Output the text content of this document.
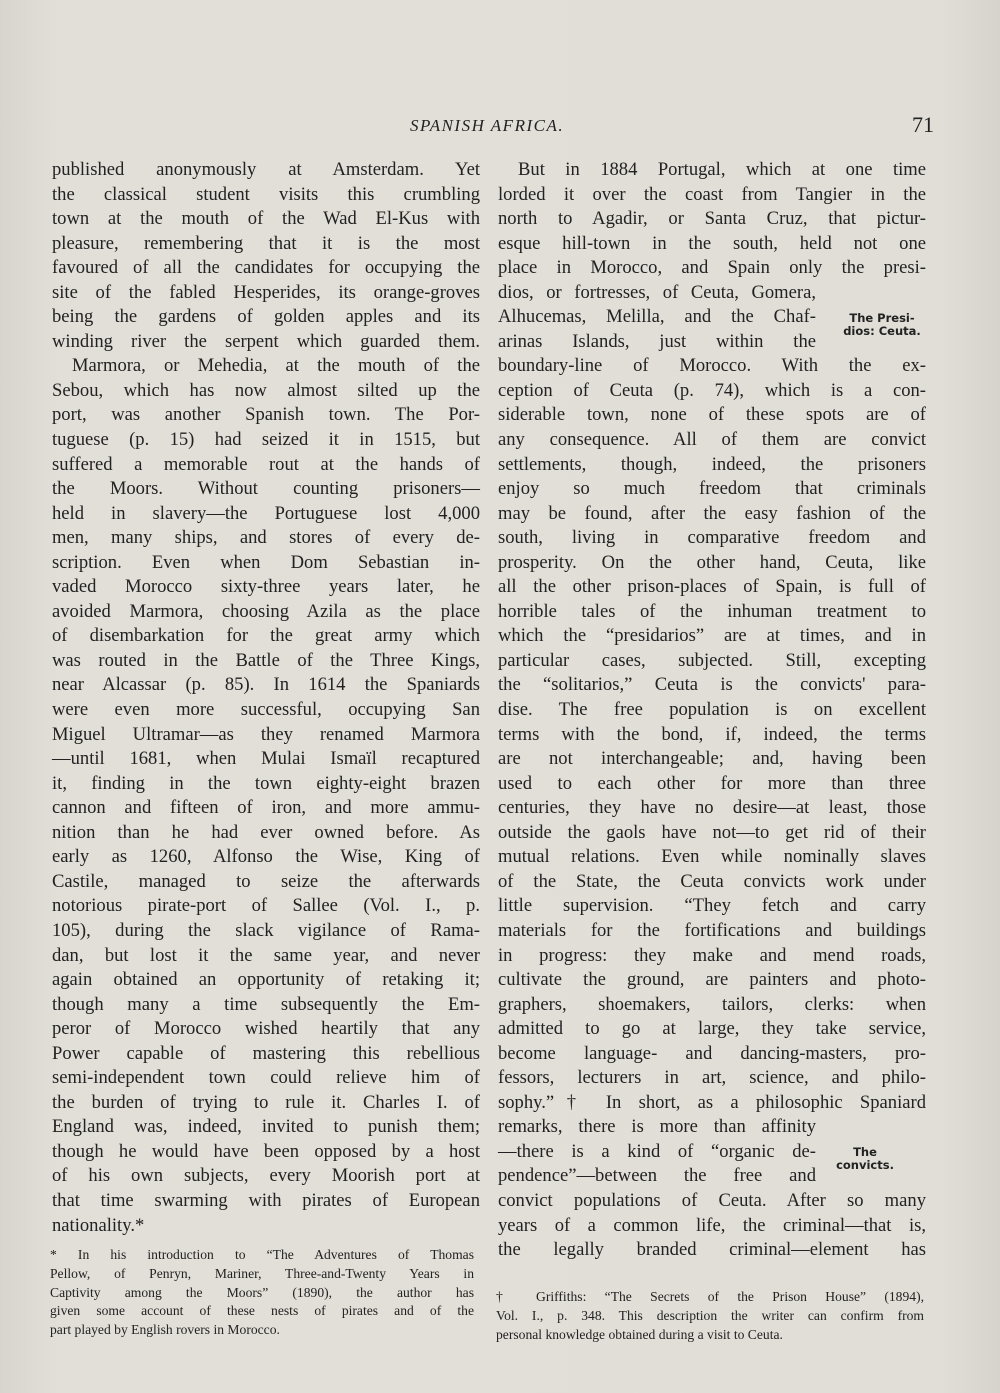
SPANISH AFRICA.	71
published anonymously at Amsterdam. Yet
the classical student visits this crumbling
town at the mouth of the Wad El-Kus with
pleasure, remembering that it is the most
favoured of all the candidates for occupying the
site of the fabled Hesperides, its orange-groves
being the gardens of golden apples and its
winding river the serpent which guarded them.
Marmora, or Mehedia, at the mouth of the
Sebou, which has now almost silted up the
port, was another Spanish town. The Por-
tuguese (p. 15) had seized it in 1515, but
suffered a memorable rout at the hands of
the Moors. Without counting prisoners—
held in slavery—the Portuguese lost 4,000
men, many ships, and stores of every de-
scription. Even when Dom Sebastian in-
vaded Morocco sixty-three years later, he
avoided Marmora, choosing Azila as the place
of disembarkation for the great army which
was routed in the Battle of the Three Kings,
near Alcassar (p. 85). In 1614 the Spaniards
were even more successful, occupying San
Miguel Ultramar—as they renamed Marmora
—until 1681, when Mulai Ismaïl recaptured
it, finding in the town eighty-eight brazen
cannon and fifteen of iron, and more ammu-
nition than he had ever owned before. As
early as 1260, Alfonso the Wise, King of
Castile, managed to seize the afterwards
notorious pirate-port of Sallee (Vol. I., p.
105), during the slack vigilance of Rama-
dan, but lost it the same year, and never
again obtained an opportunity of retaking it;
though many a time subsequently the Em-
peror of Morocco wished heartily that any
Power capable of mastering this rebellious
semi-independent town could relieve him of
the burden of trying to rule it. Charles I. of
England was, indeed, invited to punish them;
though he would have been opposed by a host
of his own subjects, every Moorish port at
that time swarming with pirates of European
nationality.*
But in 1884 Portugal, which at one time
lorded it over the coast from Tangier in the
north to Agadir, or Santa Cruz, that pictur-
esque hill-town in the south, held not one
place in Morocco, and Spain only the presi-
dios, or fortresses, of Ceuta, Gomera,
Alhucemas, Melilla, and the Chaf-
arinas Islands, just within the
boundary-line of Morocco. With the ex-
ception of Ceuta (p. 74), which is a con-
siderable town, none of these spots are of
any consequence. All of them are convict
settlements, though, indeed, the prisoners
enjoy so much freedom that criminals
may be found, after the easy fashion of the
south, living in comparative freedom and
prosperity. On the other hand, Ceuta, like
all the other prison-places of Spain, is full of
horrible tales of the inhuman treatment to
which the “presidarios” are at times, and in
particular cases, subjected. Still, excepting
the “solitarios,” Ceuta is the convicts' para-
dise. The free population is on excellent
terms with the bond, if, indeed, the terms
are not interchangeable; and, having been
used to each other for more than three
centuries, they have no desire—at least, those
outside the gaols have not—to get rid of their
mutual relations. Even while nominally slaves
of the State, the Ceuta convicts work under
little supervision. “They fetch and carry
materials for the fortifications and buildings
in progress: they make and mend roads,
cultivate the ground, are painters and photo-
graphers, shoemakers, tailors, clerks: when
admitted to go at large, they take service,
become language- and dancing-masters, pro-
fessors, lecturers in art, science, and philo-
sophy.”† In short, as a philosophic Spaniard
remarks, there is more than affinity
—there is a kind of “organic de-
pendence”—between the free and
convict populations of Ceuta. After so many
years of a common life, the criminal—that is,
the legally branded criminal—element has
The Presi-
dios: Ceuta.
The
convicts.
* In his introduction to “The Adventures of Thomas
Pellow, of Penryn, Mariner, Three-and-Twenty Years in
Captivity among the Moors” (1890), the author has
given some account of these nests of pirates and of the
part played by English rovers in Morocco.
† Griffiths: “The Secrets of the Prison House” (1894),
Vol. I., p. 348. This description the writer can confirm from
personal knowledge obtained during a visit to Ceuta.
